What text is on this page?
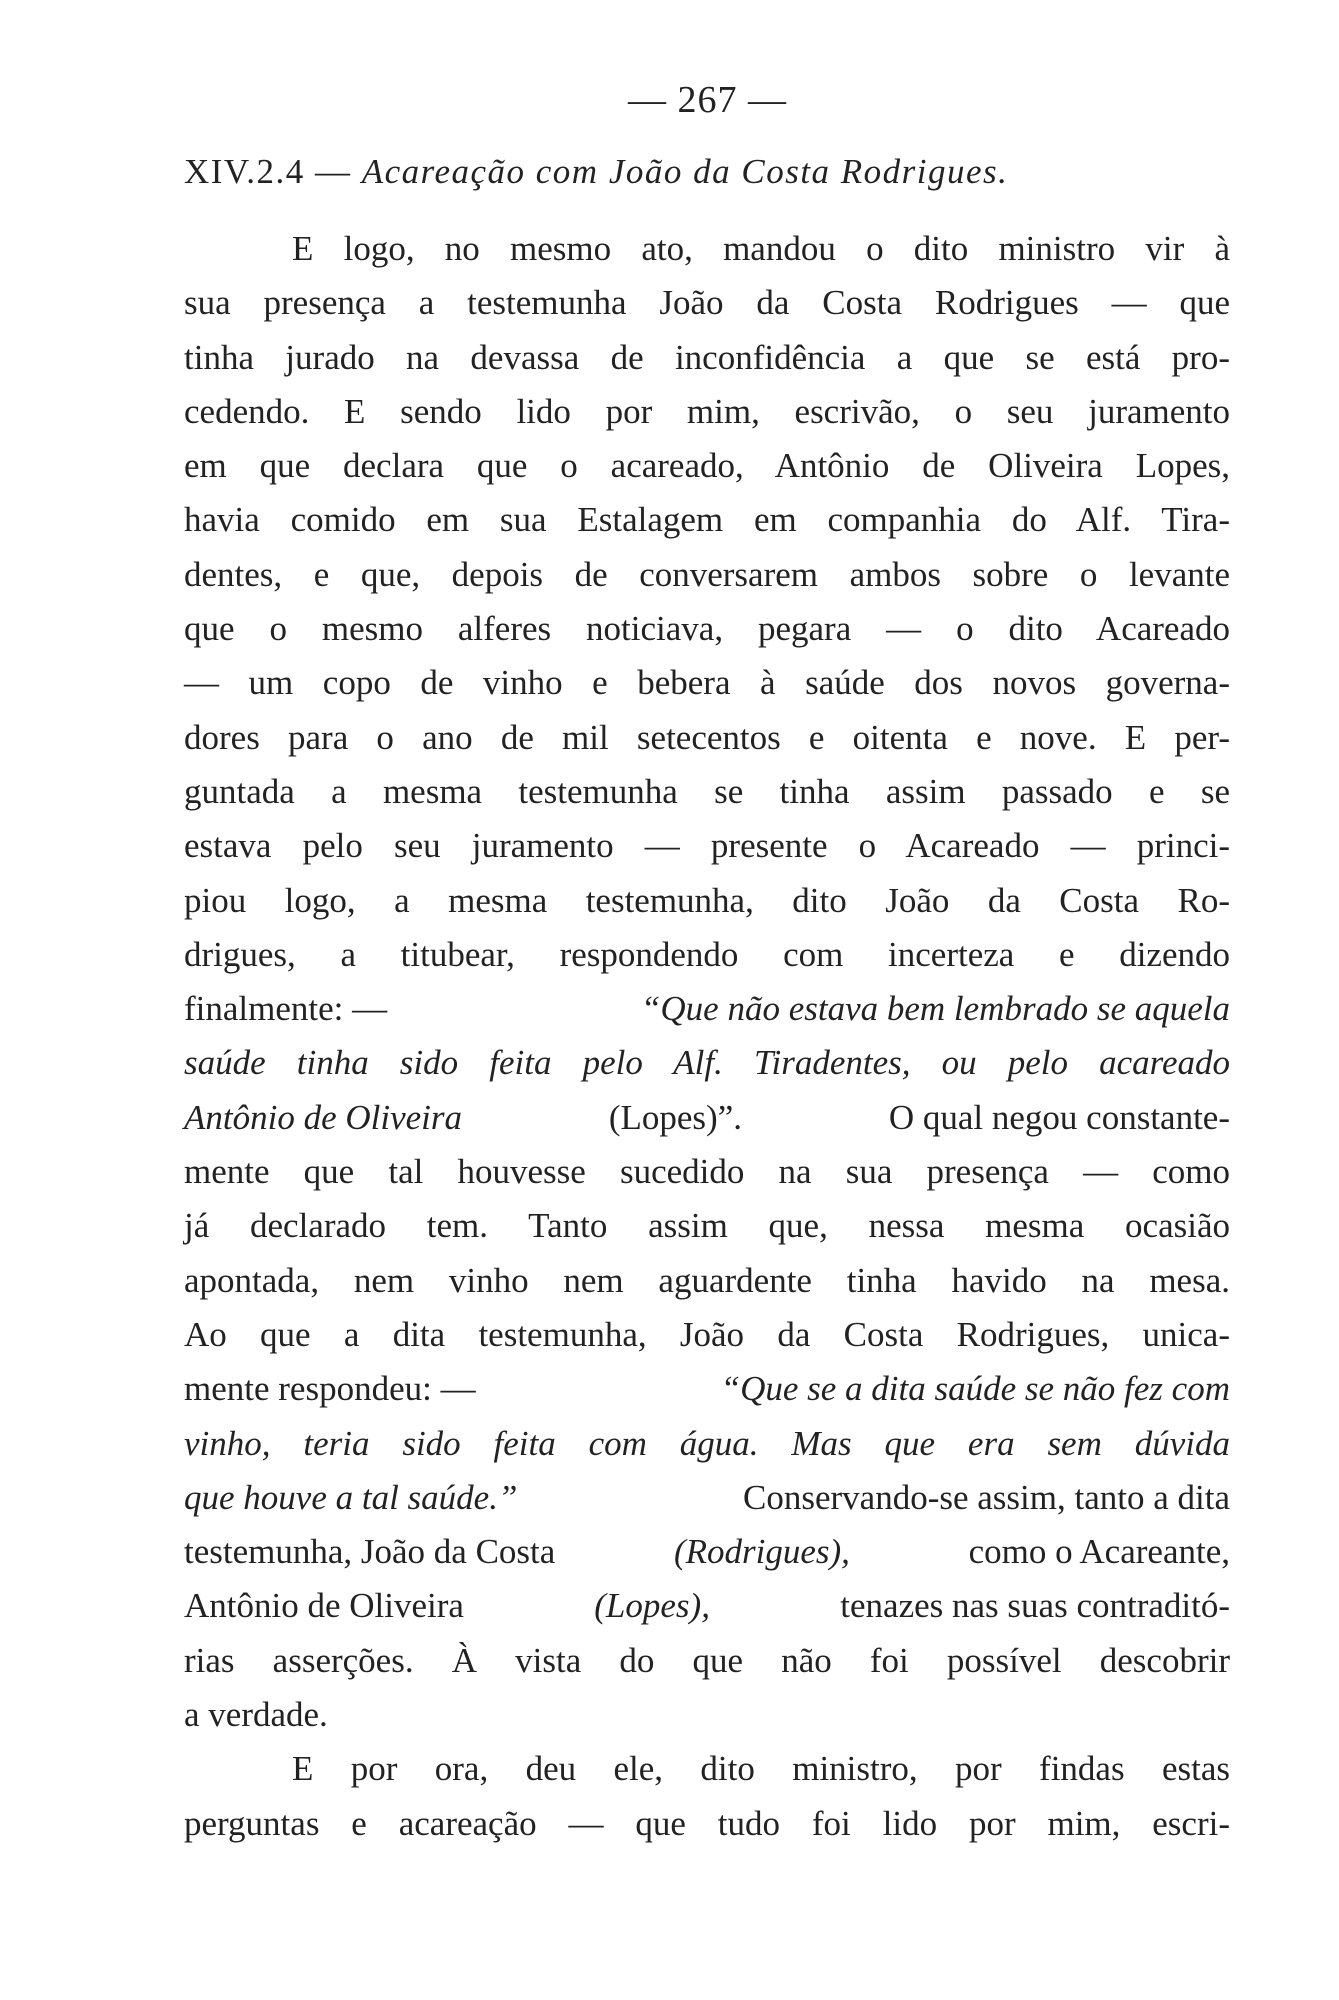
— 267 —
XIV.2.4 — Acareação com João da Costa Rodrigues.
E logo, no mesmo ato, mandou o dito ministro vir à
sua presença a testemunha João da Costa Rodrigues — que
tinha jurado na devassa de inconfidência a que se está pro-
cedendo. E sendo lido por mim, escrivão, o seu juramento
em que declara que o acareado, Antônio de Oliveira Lopes,
havia comido em sua Estalagem em companhia do Alf. Tira-
dentes, e que, depois de conversarem ambos sobre o levante
que o mesmo alferes noticiava, pegara — o dito Acareado
— um copo de vinho e bebera à saúde dos novos governa-
dores para o ano de mil setecentos e oitenta e nove. E per-
guntada a mesma testemunha se tinha assim passado e se
estava pelo seu juramento — presente o Acareado — princi-
piou logo, a mesma testemunha, dito João da Costa Ro-
drigues, a titubear, respondendo com incerteza e dizendo
finalmente: —	“Que não estava bem lembrado se aquela
saúde tinha sido feita pelo Alf. Tiradentes, ou pelo acareado
Antônio de Oliveira	(Lopes)”.	O qual negou constante-
mente que tal houvesse sucedido na sua presença — como
já declarado tem. Tanto assim que, nessa mesma ocasião
apontada, nem vinho nem aguardente tinha havido na mesa.
Ao que a dita testemunha, João da Costa Rodrigues, unica-
mente respondeu: —	“Que se a dita saúde se não fez com
vinho, teria sido feita com água. Mas que era sem dúvida
que houve a tal saúde.”	Conservando-se assim, tanto a dita
testemunha, João da Costa	(Rodrigues),	como o Acareante,
Antônio de Oliveira	(Lopes),	tenazes nas suas contraditó-
rias asserções. À vista do que não foi possível descobrir
a verdade.
E por ora, deu ele, dito ministro, por findas estas
perguntas e acareação — que tudo foi lido por mim, escri-
